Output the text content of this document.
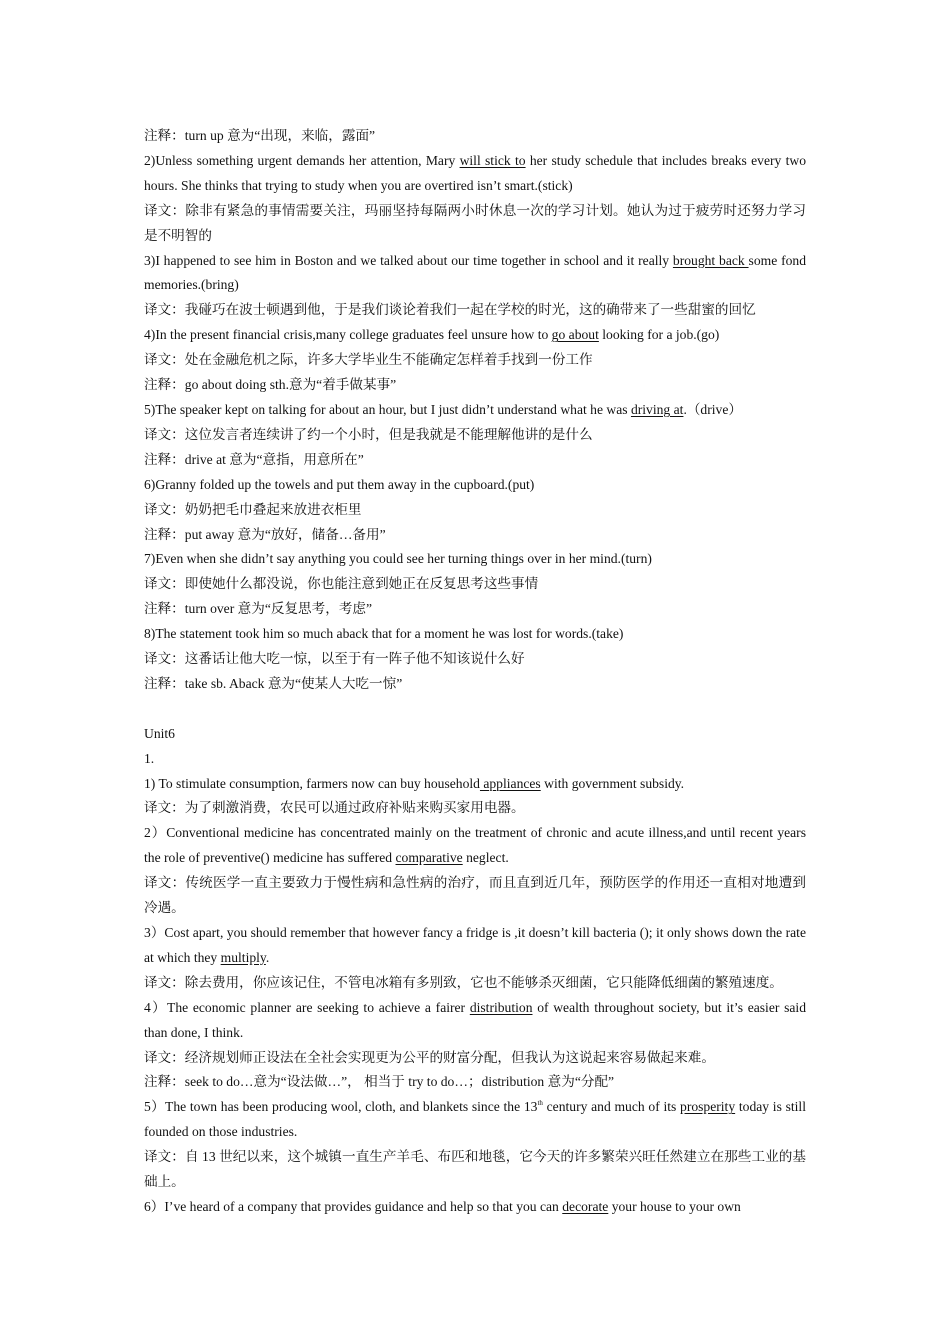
注释：turn up 意为“出现，来临，露面”

2)Unless something urgent demands her attention, Mary will stick to her study schedule that includes breaks every two hours. She thinks that trying to study when you are overtired isn’t smart.(stick)

译文：除非有紧急的事情需要关注，玛丽坚持每隔两小时休息一次的学习计划。她认为过于疲劳时还努力学习是不明智的

3)I happened to see him in Boston and we talked about our time together in school and it really brought back some fond memories.(bring)

译文：我碰巧在波士顿遇到他，于是我们谈论着我们一起在学校的时光，这的确带来了一些甜蜜的回忆

4)In the present financial crisis,many college graduates feel unsure how to go about looking for a job.(go)

译文：处在金融危机之际，许多大学毕业生不能确定怎样着手找到一份工作

注释：go about doing sth.意为“着手做某事”

5)The speaker kept on talking for about an hour, but I just didn’t understand what he was driving at.（drive）

译文：这位发言者连续讲了约一个小时，但是我就是不能理解他讲的是什么

注释：drive at 意为“意指，用意所在”

6)Granny folded up the towels and put them away in the cupboard.(put)

译文：奶奶把毛巾叠起来放进衣柜里

注释：put away 意为“放好，储备…备用”

7)Even when she didn’t say anything you could see her turning things over in her mind.(turn)

译文：即使她什么都没说，你也能注意到她正在反复思考这些事情

注释：turn over 意为“反复思考，考虑”

8)The statement took him so much aback that for a moment he was lost for words.(take)

译文：这番话让他大吃一惊，以至于有一阵子他不知该说什么好

注释：take sb. Aback 意为“使某人大吃一惊”

Unit6

1.

1) To stimulate consumption, farmers now can buy household appliances with government subsidy.

译文：为了刺激消费，农民可以通过政府补贴来购买家用电器。

2）Conventional medicine has concentrated mainly on the treatment of chronic and acute illness,and until recent years the role of preventive() medicine has suffered comparative neglect.

译文：传统医学一直主要致力于慢性病和急性病的治疗，而且直到近几年，预防医学的作用还一直相对地遭到冷遇。

3）Cost apart, you should remember that however fancy a fridge is ,it doesn’t kill bacteria (); it only shows down the rate at which they multiply.

译文：除去费用，你应该记住，不管电冰箱有多别致，它也不能够杀灭细菌，它只能降低细菌的繁殖速度。

4）The economic planner are seeking to achieve a fairer distribution of wealth throughout society, but it’s easier said than done, I think.

译文：经济规划师正设法在全社会实现更为公平的财富分配，但我认为这说起来容易做起来难。

注释：seek to do…意为“设法做…”， 相当于 try to do…；distribution 意为“分配”

5）The town has been producing wool, cloth, and blankets since the 13th century and much of its prosperity today is still founded on those industries.

译文：自 13 世纪以来，这个城镇一直生产羊毛、布匹和地毯，它今天的许多繁荣兴旺任然建立在那些工业的基础上。

6）I’ve heard of a company that provides guidance and help so that you can decorate your house to your own
